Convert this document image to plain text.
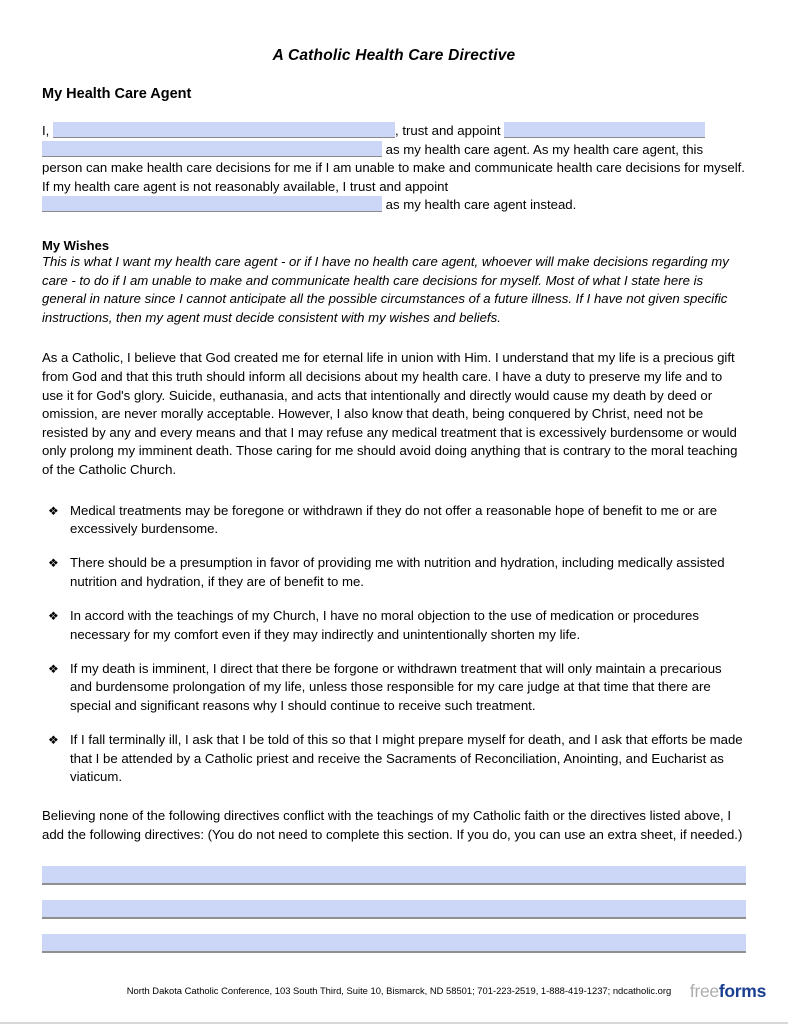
A Catholic Health Care Directive
My Health Care Agent

I,	, trust and appoint  as my health care agent. As my health care agent, this person can make health care decisions for me if I am unable to make and communicate health care decisions for myself. If my health care agent is not reasonably available, I trust and appoint  as my health care agent instead.

My Wishes

This is what I want my health care agent - or if I have no health care agent, whoever will make decisions regarding my care - to do if I am unable to make and communicate health care decisions for myself. Most of what I state here is general in nature since I cannot anticipate all the possible circumstances of a future illness. If I have not given specific instructions, then my agent must decide consistent with my wishes and beliefs.

As a Catholic, I believe that God created me for eternal life in union with Him. I understand that my life is a precious gift from God and that this truth should inform all decisions about my health care. I have a duty to preserve my life and to use it for God's glory. Suicide, euthanasia, and acts that intentionally and directly would cause my death by deed or omission, are never morally acceptable. However, I also know that death, being conquered by Christ, need not be resisted by any and every means and that I may refuse any medical treatment that is excessively burdensome or would only prolong my imminent death. Those caring for me should avoid doing anything that is contrary to the moral teaching of the Catholic Church.

❖ Medical treatments may be foregone or withdrawn if they do not offer a reasonable hope of benefit to me or are excessively burdensome.
❖ There should be a presumption in favor of providing me with nutrition and hydration, including medically assisted nutrition and hydration, if they are of benefit to me.
❖ In accord with the teachings of my Church, I have no moral objection to the use of medication or procedures necessary for my comfort even if they may indirectly and unintentionally shorten my life.
❖ If my death is imminent, I direct that there be forgone or withdrawn treatment that will only maintain a precarious and burdensome prolongation of my life, unless those responsible for my care judge at that time that there are special and significant reasons why I should continue to receive such treatment.
❖ If I fall terminally ill, I ask that I be told of this so that I might prepare myself for death, and I ask that efforts be made that I be attended by a Catholic priest and receive the Sacraments of Reconciliation, Anointing, and Eucharist as viaticum.

Believing none of the following directives conflict with the teachings of my Catholic faith or the directives listed above, I add the following directives: (You do not need to complete this section. If you do, you can use an extra sheet, if needed.)

North Dakota Catholic Conference, 103 South Third, Suite 10, Bismarck, ND 58501; 701-223-2519, 1-888-419-1237; ndcatholic.org	freeforms
